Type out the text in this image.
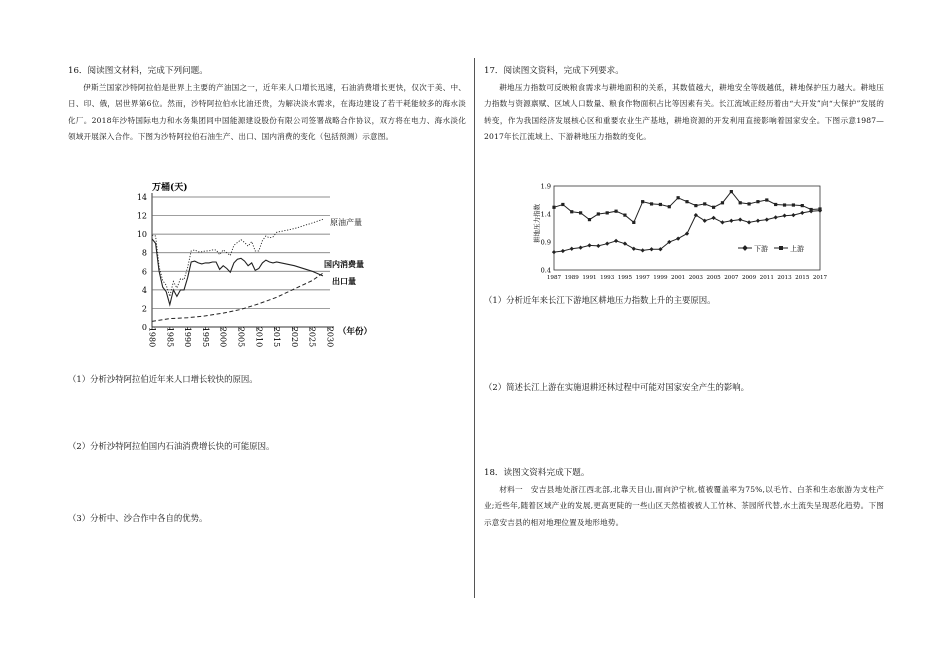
16．阅读图文材料，完成下列问题。
伊斯兰国家沙特阿拉伯是世界上主要的产油国之一，近年来人口增长迅速，石油消费增长更快，仅次于美、中、日、印、俄，居世界第6位。然而，沙特阿拉伯水比油还贵，为解决淡水需求，在海边建设了若干耗能较多的海水淡化厂。2018年沙特国际电力和水务集团同中国能源建设股份有限公司签署战略合作协议，双方将在电力、海水淡化领域开展深入合作。下图为沙特阿拉伯石油生产、出口、国内消费的变化（包括预测）示意图。
万桶(天)
0
2
4
6
8
10
12
14
1980 1985 1990 1995 2000 2005 2010 2015 2020 2025 2030
原油产量
国内消费量
出口量
（年份）
（1）分析沙特阿拉伯近年来人口增长较快的原因。
（2）分析沙特阿拉伯国内石油消费增长快的可能原因。
（3）分析中、沙合作中各自的优势。
17．阅读图文资料，完成下列要求。
耕地压力指数可反映粮食需求与耕地面积的关系，其数值越大，耕地安全等级越低，耕地保护压力越大。耕地压力指数与资源禀赋、区域人口数量、粮食作物面积占比等因素有关。长江流域正经历着由“大开发”向“大保护”发展的转变，作为我国经济发展核心区和重要农业生产基地，耕地资源的开发利用直接影响着国家安全。下图示意1987—2017年长江流域上、下游耕地压力指数的变化。
耕地压力指数
0.4
0.9
1.4
1.9
1987 1989 1991 1993 1995 1997 1999 2001 2003 2005 2007 2009 2011 2013 2015 2017
下游	上游
（1）分析近年来长江下游地区耕地压力指数上升的主要原因。
（2）简述长江上游在实施退耕还林过程中可能对国家安全产生的影响。
18．读图文资料完成下题。
材料一　安吉县地处浙江西北部,北靠天目山,面向沪宁杭,植被覆盖率为75%,以毛竹、白茶和生态旅游为支柱产业;近些年,随着区域产业的发展,更高更陡的一些山区天然植被被人工竹林、茶园所代替,水土流失呈现恶化趋势。下图示意安吉县的相对地理位置及地形地势。
